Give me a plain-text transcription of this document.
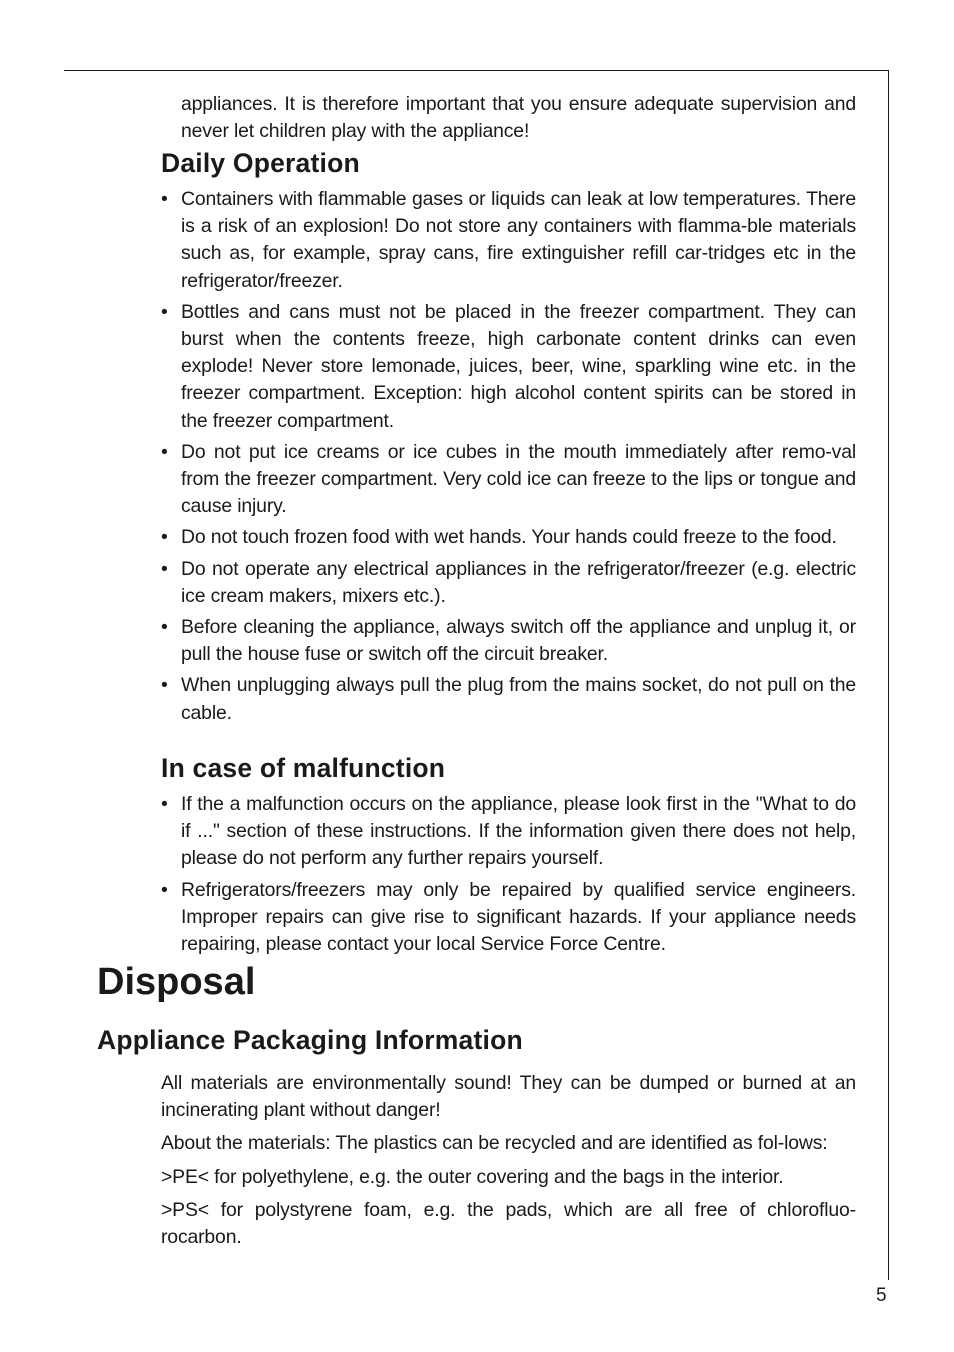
appliances. It is therefore important that you ensure adequate supervision and never let children play with the appliance!

Daily Operation
• Containers with flammable gases or liquids can leak at low temperatures. There is a risk of an explosion! Do not store any containers with flamma-ble materials such as, for example, spray cans, fire extinguisher refill car-tridges etc in the refrigerator/freezer.

• Bottles and cans must not be placed in the freezer compartment. They can burst when the contents freeze, high carbonate content drinks can even explode! Never store lemonade, juices, beer, wine, sparkling wine etc. in the freezer compartment. Exception: high alcohol content spirits can be stored in the freezer compartment.

• Do not put ice creams or ice cubes in the mouth immediately after remo-val from the freezer compartment. Very cold ice can freeze to the lips or tongue and cause injury.

• Do not touch frozen food with wet hands. Your hands could freeze to the food.

• Do not operate any electrical appliances in the refrigerator/freezer (e.g. electric ice cream makers, mixers etc.).

• Before cleaning the appliance, always switch off the appliance and unplug it, or pull the house fuse or switch off the circuit breaker.

• When unplugging always pull the plug from the mains socket, do not pull on the cable.

In case of malfunction
• If the a malfunction occurs on the appliance, please look first in the "What to do if ..." section of these instructions. If the information given there does not help, please do not perform any further repairs yourself.

• Refrigerators/freezers may only be repaired by qualified service engineers. Improper repairs can give rise to significant hazards. If your appliance needs repairing, please contact your local Service Force Centre.

Disposal
Appliance Packaging Information

All materials are environmentally sound! They can be dumped or burned at an incinerating plant without danger!

About the materials: The plastics can be recycled and are identified as fol-lows:

>PE< for polyethylene, e.g. the outer covering and the bags in the interior.

>PS< for polystyrene foam, e.g. the pads, which are all free of chlorofluo-rocarbon.

5
